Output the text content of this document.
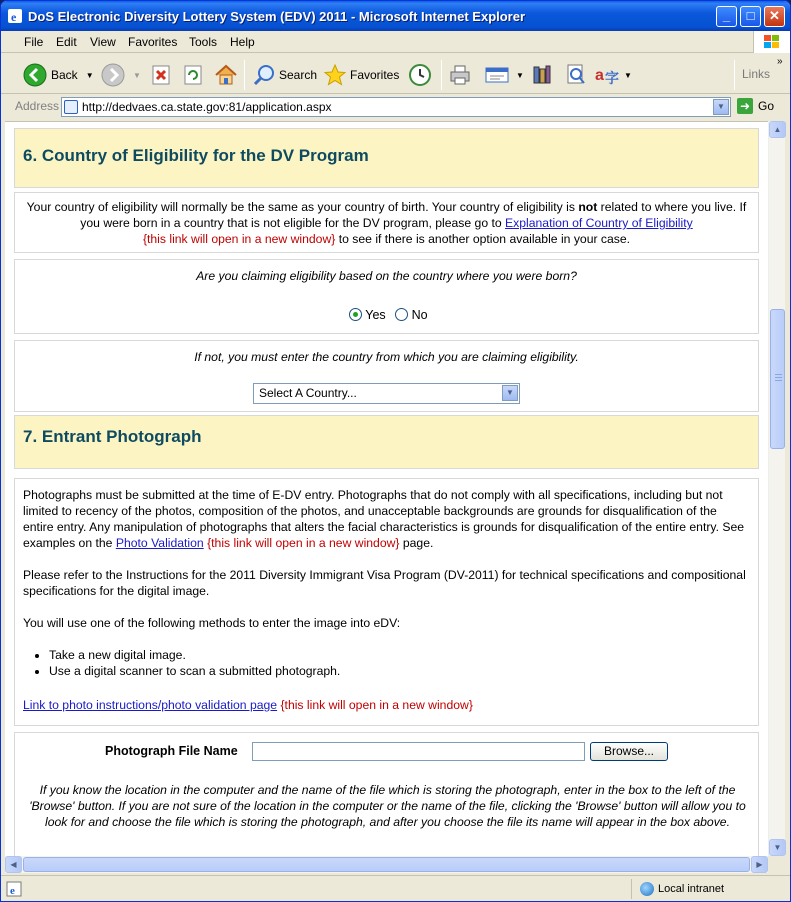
e DoS Electronic Diversity Lottery System (EDV) 2011 - Microsoft Internet Explorer	_	□	✕
File Edit View Favorites Tools Help
Back ▼	▼	Search	Favorites	▼	a 字 ▼	Links
»
Address http://dedvaes.ca.state.gov:81/application.aspx	▼	➜ Go
6. Country of Eligibility for the DV Program
Your country of eligibility will normally be the same as your country of birth. Your country of eligibility is not related to where you live. If you were born in a country that is not eligible for the DV program, please go to Explanation of Country of Eligibility
{this link will open in a new window} to see if there is another option available in your case.
Are you claiming eligibility based on the country where you were born?
Yes No
If not, you must enter the country from which you are claiming eligibility.
Select A Country...	▼
7. Entrant Photograph
Photographs must be submitted at the time of E-DV entry. Photographs that do not comply with all specifications, including but not limited to recency of the photos, composition of the photos, and unacceptable backgrounds are grounds for disqualification of the entire entry. Any manipulation of photographs that alters the facial characteristics is grounds for disqualification of the entire entry. See examples on the Photo Validation {this link will open in a new window} page.
Please refer to the Instructions for the 2011 Diversity Immigrant Visa Program (DV-2011) for technical specifications and compositional specifications for the digital image.
You will use one of the following methods to enter the image into eDV:
• Take a new digital image.
• Use a digital scanner to scan a submitted photograph.
Link to photo instructions/photo validation page {this link will open in a new window}
Photograph File Name	Browse...
If you know the location in the computer and the name of the file which is storing the photograph, enter in the box to the left of the 'Browse' button. If you are not sure of the location in the computer or the name of the file, clicking the 'Browse' button will allow you to look for and choose the file which is storing the photograph, and after you choose the file its name will appear in the box above.
▲
▼
◀	▶
e	Local intranet
